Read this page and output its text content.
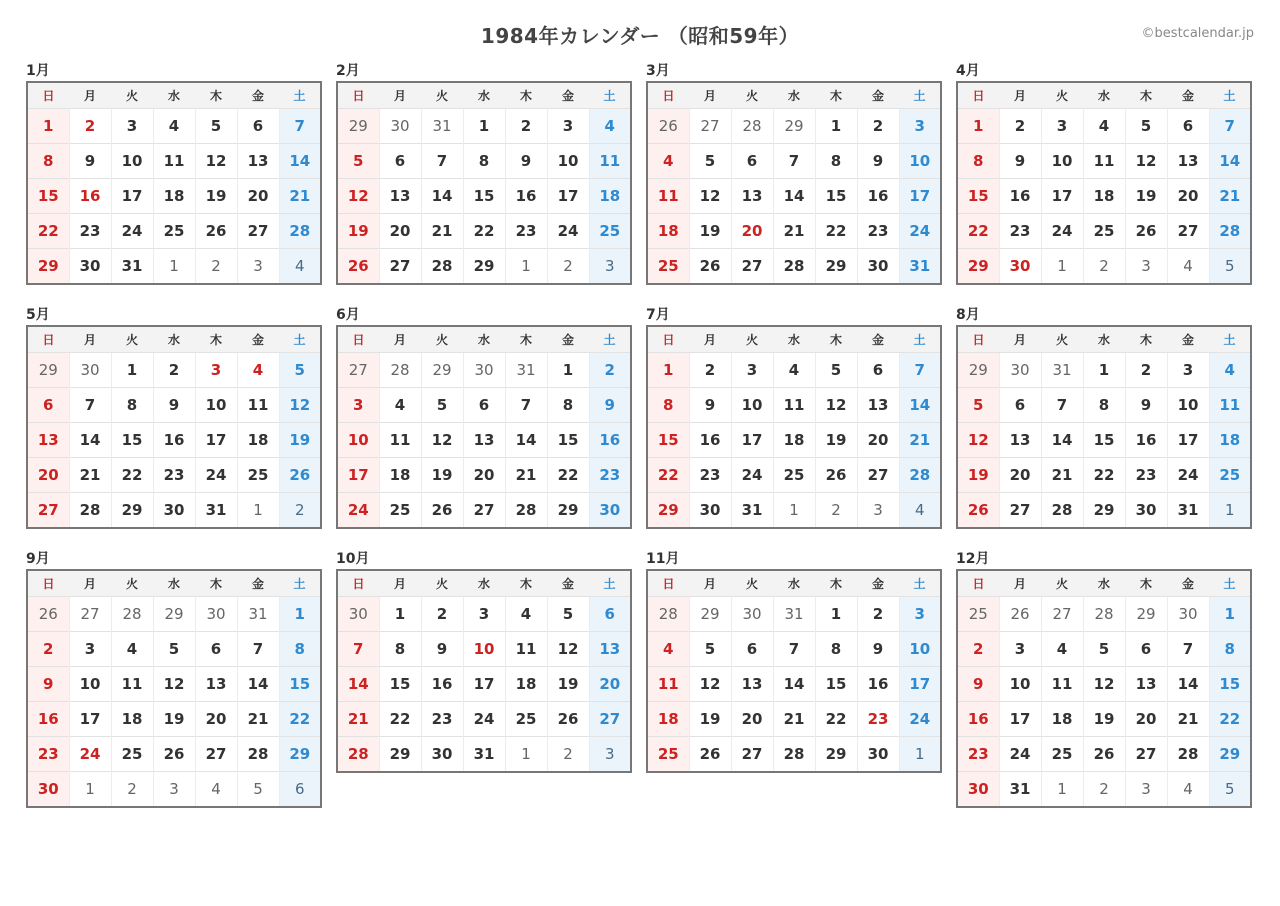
1984年カレンダー （昭和59年）	©bestcalendar.jp
1月
日	月	火	水	木	金	土
1	2	3	4	5	6	7
8	9	10	11	12	13	14
15	16	17	18	19	20	21
22	23	24	25	26	27	28
29	30	31	1	2	3	4
2月
日	月	火	水	木	金	土
29	30	31	1	2	3	4
5	6	7	8	9	10	11
12	13	14	15	16	17	18
19	20	21	22	23	24	25
26	27	28	29	1	2	3
3月
日	月	火	水	木	金	土
26	27	28	29	1	2	3
4	5	6	7	8	9	10
11	12	13	14	15	16	17
18	19	20	21	22	23	24
25	26	27	28	29	30	31
4月
日	月	火	水	木	金	土
1	2	3	4	5	6	7
8	9	10	11	12	13	14
15	16	17	18	19	20	21
22	23	24	25	26	27	28
29	30	1	2	3	4	5
5月
日	月	火	水	木	金	土
29	30	1	2	3	4	5
6	7	8	9	10	11	12
13	14	15	16	17	18	19
20	21	22	23	24	25	26
27	28	29	30	31	1	2
6月
日	月	火	水	木	金	土
27	28	29	30	31	1	2
3	4	5	6	7	8	9
10	11	12	13	14	15	16
17	18	19	20	21	22	23
24	25	26	27	28	29	30
7月
日	月	火	水	木	金	土
1	2	3	4	5	6	7
8	9	10	11	12	13	14
15	16	17	18	19	20	21
22	23	24	25	26	27	28
29	30	31	1	2	3	4
8月
日	月	火	水	木	金	土
29	30	31	1	2	3	4
5	6	7	8	9	10	11
12	13	14	15	16	17	18
19	20	21	22	23	24	25
26	27	28	29	30	31	1
9月
日	月	火	水	木	金	土
26	27	28	29	30	31	1
2	3	4	5	6	7	8
9	10	11	12	13	14	15
16	17	18	19	20	21	22
23	24	25	26	27	28	29
30	1	2	3	4	5	6
10月
日	月	火	水	木	金	土
30	1	2	3	4	5	6
7	8	9	10	11	12	13
14	15	16	17	18	19	20
21	22	23	24	25	26	27
28	29	30	31	1	2	3
11月
日	月	火	水	木	金	土
28	29	30	31	1	2	3
4	5	6	7	8	9	10
11	12	13	14	15	16	17
18	19	20	21	22	23	24
25	26	27	28	29	30	1
12月
日	月	火	水	木	金	土
25	26	27	28	29	30	1
2	3	4	5	6	7	8
9	10	11	12	13	14	15
16	17	18	19	20	21	22
23	24	25	26	27	28	29
30	31	1	2	3	4	5
